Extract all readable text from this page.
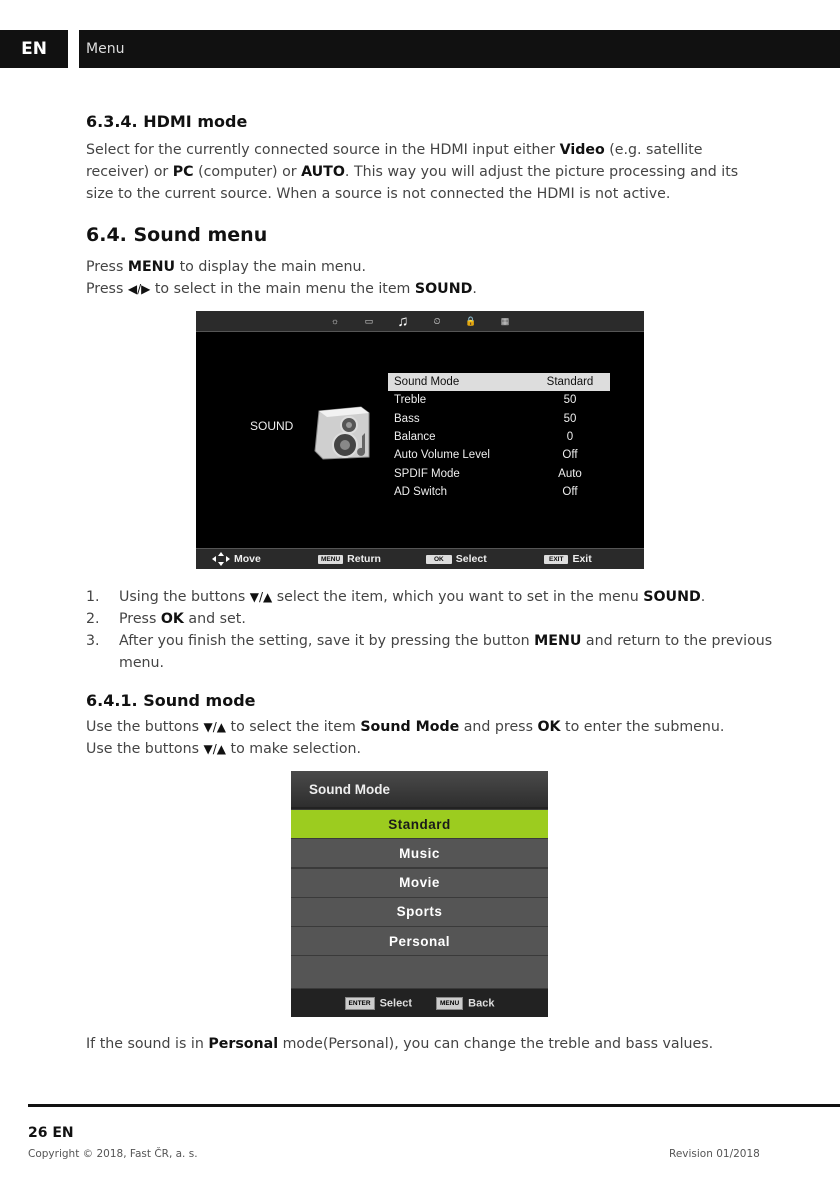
EN	Menu
6.3.4. HDMI mode

Select for the currently connected source in the HDMI input either Video (e.g. satellite receiver) or PC (computer) or AUTO. This way you will adjust the picture processing and its size to the current source. When a source is not connected the HDMI is not active.

6.4. Sound menu

Press MENU to display the main menu.

Press ◀/▶ to select in the main menu the item SOUND.

☼	▭ ♫	⏲	🔒	▦
SOUND
Sound Mode	Standard
Treble	50
Bass	50
Balance	0
Auto Volume Level	Off
SPDIF Mode	Auto
AD Switch	Off
Move	MENU Return	OK	Select	EXIT Exit
1. Using the buttons ▼/▲ select the item, which you want to set in the menu SOUND.
2. Press OK and set.
3. After you finish the setting, save it by pressing the button MENU and return to the previous menu.
6.4.1. Sound mode

Use the buttons ▼/▲ to select the item Sound Mode and press OK to enter the submenu.

Use the buttons ▼/▲ to make selection.

Sound Mode
Standard
Music
Movie
Sports
Personal
ENTER Select	MENU Back

If the sound is in Personal mode(Personal), you can change the treble and bass values.

26 EN
Copyright © 2018, Fast ČR, a. s.	Revision 01/2018
